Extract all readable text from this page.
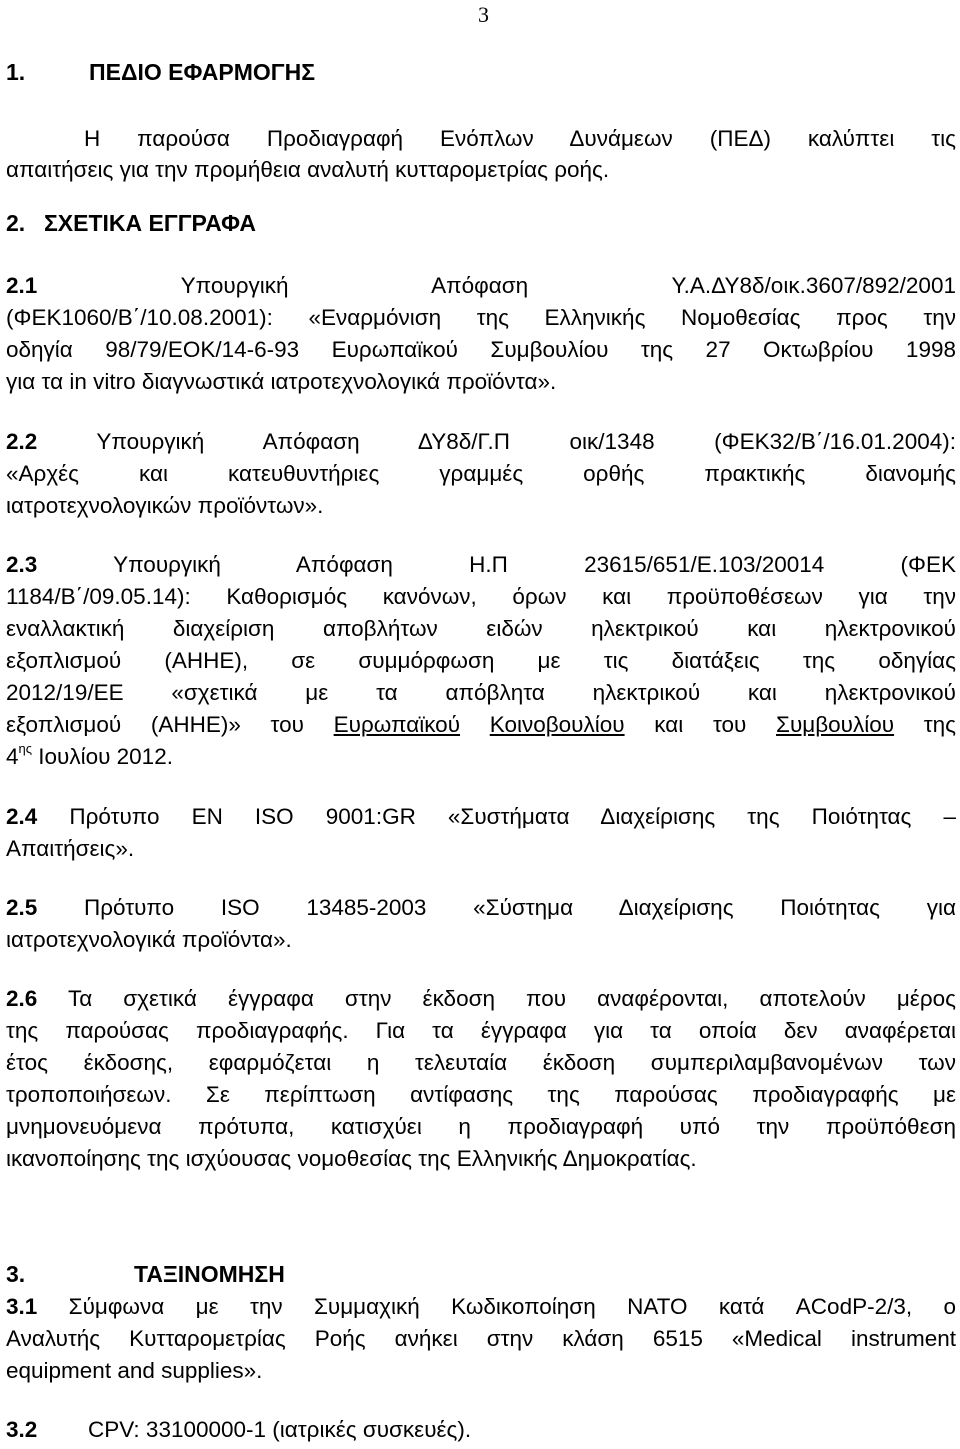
3
1.	ΠΕΔΙΟ ΕΦΑΡΜΟΓΗΣ
Η παρούσα Προδιαγραφή Ενόπλων Δυνάμεων (ΠΕΔ) καλύπτει τις
απαιτήσεις για την προμήθεια αναλυτή κυτταρομετρίας ροής.
2. ΣΧΕΤΙΚΑ ΕΓΓΡΑΦΑ
2.1	Υπουργική	Απόφαση	Υ.Α.ΔΥ8δ/οικ.3607/892/2001
(ΦΕΚ1060/Β΄/10.08.2001): «Εναρμόνιση της Ελληνικής Νομοθεσίας προς την
οδηγία 98/79/ΕΟΚ/14-6-93 Ευρωπαϊκού Συμβουλίου της 27 Οκτωβρίου 1998
για τα in vitro διαγνωστικά ιατροτεχνολογικά προϊόντα».
2.2	Υπουργική Απόφαση ΔΥ8δ/Γ.Π οικ/1348 (ΦΕΚ32/Β΄/16.01.2004):
«Αρχές και κατευθυντήριες γραμμές ορθής πρακτικής διανομής
ιατροτεχνολογικών προϊόντων».
2.3	Υπουργική Απόφαση Η.Π 23615/651/Ε.103/20014 (ΦΕΚ
1184/Β΄/09.05.14): Καθορισμός κανόνων, όρων και προϋποθέσεων για την
εναλλακτική διαχείριση αποβλήτων ειδών ηλεκτρικού και ηλεκτρονικού
εξοπλισμού (ΑΗΗΕ), σε συμμόρφωση με τις διατάξεις της οδηγίας
2012/19/ΕΕ «σχετικά με τα απόβλητα ηλεκτρικού και ηλεκτρονικού
εξοπλισμού (ΑΗΗΕ)» του Ευρωπαϊκού Κοινοβουλίου και του Συμβουλίου της
$4^{\eta\varsigma}$ Ιουλίου 2012.
2.4 Πρότυπο ΕΝ ISO 9001:GR «Συστήματα Διαχείρισης της Ποιότητας –
Απαιτήσεις».
2.5 Πρότυπο ISO 13485-2003 «Σύστημα Διαχείρισης Ποιότητας για
ιατροτεχνολογικά προϊόντα».
2.6 Τα σχετικά έγγραφα στην έκδοση που αναφέρονται, αποτελούν μέρος
της παρούσας προδιαγραφής. Για τα έγγραφα για τα οποία δεν αναφέρεται
έτος έκδοσης, εφαρμόζεται η τελευταία έκδοση συμπεριλαμβανομένων των
τροποποιήσεων. Σε περίπτωση αντίφασης της παρούσας προδιαγραφής με
μνημονευόμενα πρότυπα, κατισχύει η προδιαγραφή υπό την προϋπόθεση
ικανοποίησης της ισχύουσας νομοθεσίας της Ελληνικής Δημοκρατίας.
3.	ΤΑΞΙΝΟΜΗΣΗ
3.1 Σύμφωνα με την Συμμαχική Κωδικοποίηση ΝΑΤΟ κατά ACodP-2/3, ο
Αναλυτής Κυτταρομετρίας Ροής ανήκει στην κλάση 6515 «Medical instrument
equipment and supplies».
3.2 CPV: 33100000-1 (ιατρικές συσκευές).
